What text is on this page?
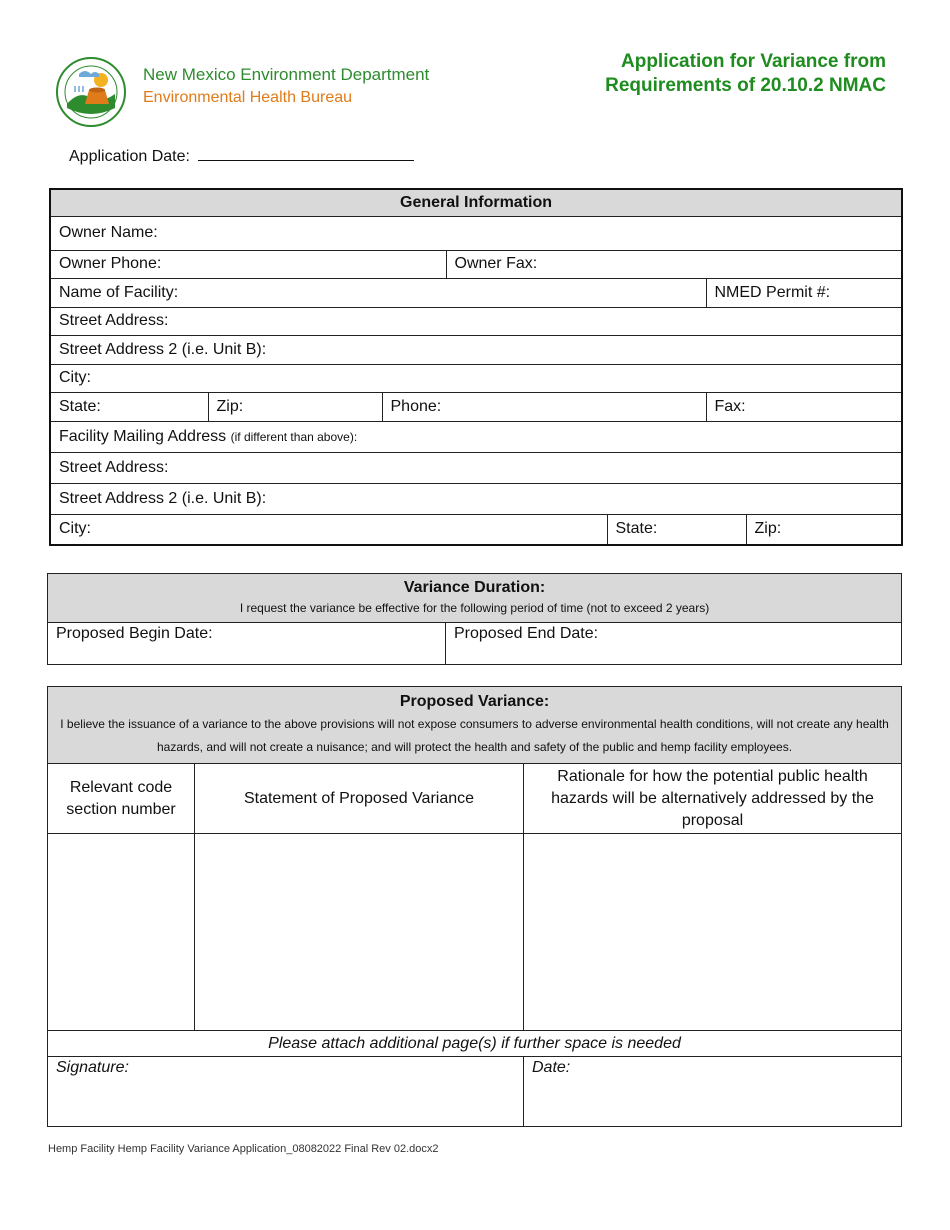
New Mexico Environment Department
Environmental Health Bureau
Application for Variance from
Requirements of 20.10.2 NMAC
Application Date:
General Information						
Owner Name:						
Owner Phone:			Owner Fax:			
Name of Facility:					NMED Permit #:	
Street Address:						
Street Address 2 (i.e. Unit B):						
City:						
State:	Zip:	Phone:			Fax:	
Facility Mailing Address (if different than above):						
Street Address:						
Street Address 2 (i.e. Unit B):						
City:				State:		Zip:
Variance Duration:
I request the variance be effective for the following period of time (not to exceed 2 years)

Proposed Begin Date:	Proposed End Date:
Proposed Variance:
I believe the issuance of a variance to the above provisions will not expose consumers to adverse environmental health conditions, will not create any health hazards, and will not create a nuisance; and will protect the health and safety of the public and hemp facility employees.		

Relevant code section number	Statement of Proposed Variance	Rationale for how the potential public health hazards will be alternatively addressed by the proposal

Please attach additional page(s) if further space is needed		
Signature:		Date:
Hemp Facility Hemp Facility Variance Application_08082022 Final Rev 02.docx2
